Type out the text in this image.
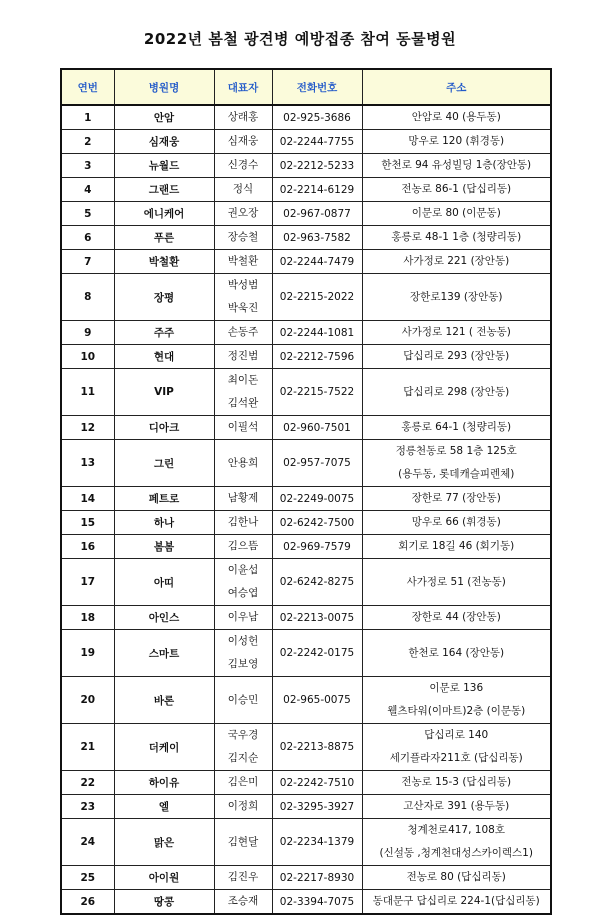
2022년 봄철 광견병 예방접종 참여 동물병원
연번	병원명	대표자	전화번호	주소
1	안암	상래홍	02-925-3686	안암로 40 (용두동)

2	심재웅	심재웅	02-2244-7755	망우로 120 (휘경동)

3	뉴월드	신경수	02-2212-5233	한천로 94 유성빌딩 1층(장안동)

4	그랜드	정식	02-2214-6129	전농로 86-1 (답십리동)

5	에니케어	권오장	02-967-0877	이문로 80 (이문동)

6	푸른	장승철	02-963-7582	홍릉로 48-1 1층 (청량리동)

7	박철환	박철환	02-2244-7479	사가정로 221 (장안동)

8	장평	박성범
박욱진	02-2215-2022	장한로139 (장안동)

9	주주	손동주	02-2244-1081	사가정로 121 ( 전농동)

10	현대	정진범	02-2212-7596	답십리로 293 (장안동)

11	VIP	최이돈
김석완	02-2215-7522	답십리로 298 (장안동)

12	디아크	이필석	02-960-7501	홍릉로 64-1 (청량리동)

13	그린	안용희	02-957-7075	정릉천동로 58 1층 125호
(용두동, 롯데캐슬피렌체)

14	페트로	남황제	02-2249-0075	장한로 77 (장안동)

15	하나	김한나	02-6242-7500	망우로 66 (휘경동)

16	봄봄	김으뜸	02-969-7579	회기로 18길 46 (회기동)

17	아띠	이윤섭
여승엽	02-6242-8275	사가정로 51 (전농동)

18	아인스	이우남	02-2213-0075	장한로 44 (장안동)

19	스마트	이성헌
김보영	02-2242-0175	한천로 164 (장안동)

20	바론	이승민	02-965-0075	이문로 136
웰츠타워(이마트)2층 (이문동)

21	더케이	국우경
김지순	02-2213-8875	답십리로 140
세기플라자211호 (답십리동)

22	하이유	김은미	02-2242-7510	전농로 15-3 (답십리동)

23	엘	이정희	02-3295-3927	고산자로 391 (용두동)

24	맑은	김현달	02-2234-1379	청계천로417, 108호
(신설동 ,청계천대성스카이렉스1)

25	아이원	김진우	02-2217-8930	전농로 80 (답십리동)

26	땅콩	조승재	02-3394-7075	동대문구 답십리로 224-1(답십리동)
